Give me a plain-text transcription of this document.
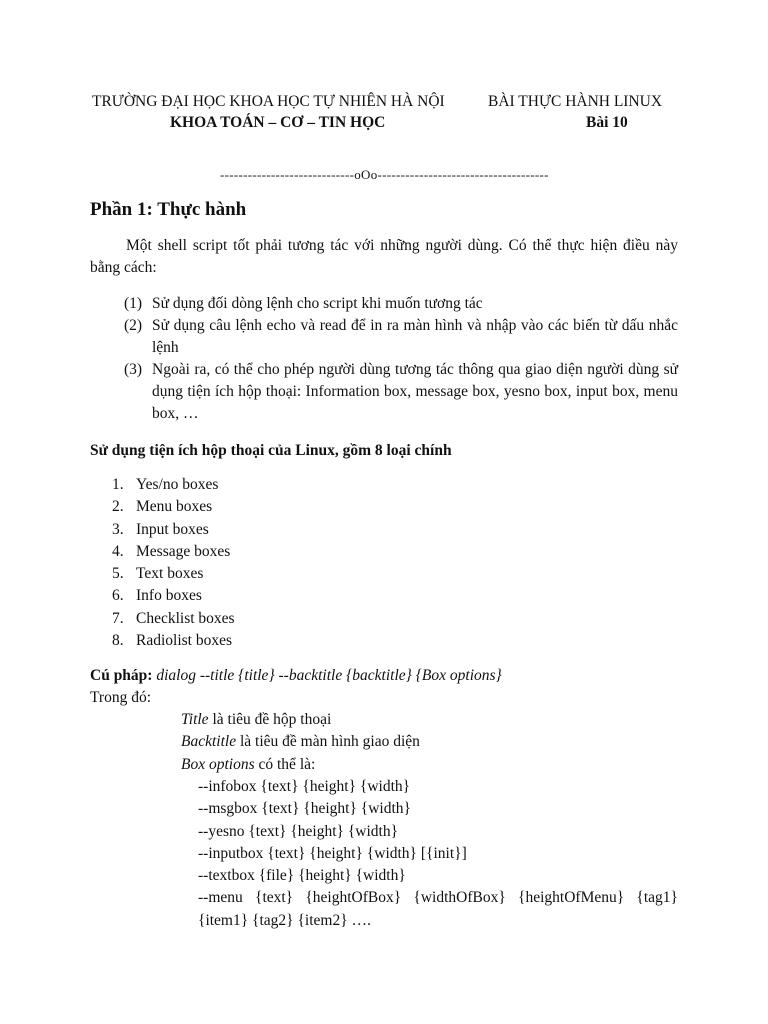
TRƯỜNG ĐẠI HỌC KHOA HỌC TỰ NHIÊN HÀ NỘI	BÀI THỰC HÀNH LINUX
KHOA TOÁN – CƠ – TIN HỌC	Bài 10
-----------------------------oOo-------------------------------------
Phần 1: Thực hành
Một shell script tốt phải tương tác với những người dùng. Có thể thực hiện điều này bằng cách:
(1) Sử dụng đối dòng lệnh cho script khi muốn tương tác
(2) Sử dụng câu lệnh echo và read để in ra màn hình và nhập vào các biến từ dấu nhắc lệnh
(3) Ngoài ra, có thể cho phép người dùng tương tác thông qua giao diện người dùng sử dụng tiện ích hộp thoại: Information box, message box, yesno box, input box, menu box, …
Sử dụng tiện ích hộp thoại của Linux, gồm 8 loại chính
1. Yes/no boxes
2. Menu boxes
3. Input boxes
4. Message boxes
5. Text boxes
6. Info boxes
7. Checklist boxes
8. Radiolist boxes
Cú pháp: dialog --title {title} --backtitle {backtitle} {Box options}
Trong đó:
Title là tiêu đề hộp thoại
Backtitle là tiêu đề màn hình giao diện
Box options có thể là:
--infobox {text} {height} {width}
--msgbox {text} {height} {width}
--yesno {text} {height} {width}
--inputbox {text} {height} {width} [{init}]
--textbox {file} {height} {width}
--menu {text} {heightOfBox} {widthOfBox} {heightOfMenu} {tag1}
{item1} {tag2} {item2} ….
